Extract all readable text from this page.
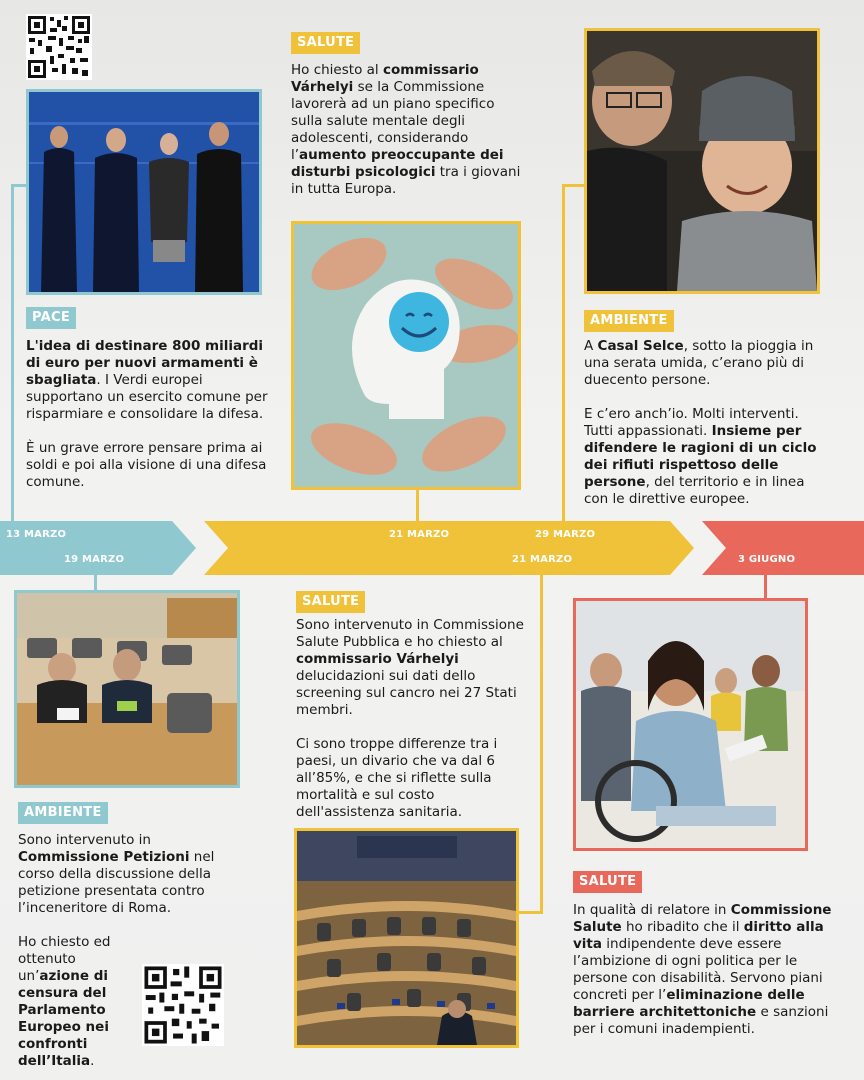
13 MARZO
19 MARZO
21 MARZO	29 MARZO
21 MARZO	3 GIUGNO
PACE

L'idea di destinare 800 miliardi di euro per nuovi armamenti è sbagliata. I Verdi europei supportano un esercito comune per risparmiare e consolidare la difesa.

È un grave errore pensare prima ai soldi e poi alla visione di una difesa comune.

SALUTE

Ho chiesto al commissario Várhelyi se la Commissione lavorerà ad un piano specifico sulla salute mentale degli adolescenti, considerando l’aumento preoccupante dei disturbi psicologici tra i giovani in tutta Europa.

AMBIENTE

A Casal Selce, sotto la pioggia in una serata umida, c’erano più di duecento persone.

E c’ero anch’io. Molti interventi. Tutti appassionati. Insieme per difendere le ragioni di un ciclo dei rifiuti rispettoso delle persone, del territorio e in linea con le direttive europee.

AMBIENTE

Sono intervenuto in Commissione Petizioni nel corso della discussione della petizione presentata contro l’inceneritore di Roma.

Ho chiesto ed ottenuto un’azione di censura del Parlamento Europeo nei confronti dell’Italia.

SALUTE

Sono intervenuto in Commissione Salute Pubblica e ho chiesto al commissario Várhelyi delucidazioni sui dati dello screening sul cancro nei 27 Stati membri.

Ci sono troppe differenze tra i paesi, un divario che va dal 6 all’85%, e che si riflette sulla mortalità e sul costo dell'assistenza sanitaria.

SALUTE

In qualità di relatore in Commissione Salute ho ribadito che il diritto alla vita indipendente deve essere l’ambizione di ogni politica per le persone con disabilità. Servono piani concreti per l’eliminazione delle barriere architettoniche e sanzioni per i comuni inadempienti.
